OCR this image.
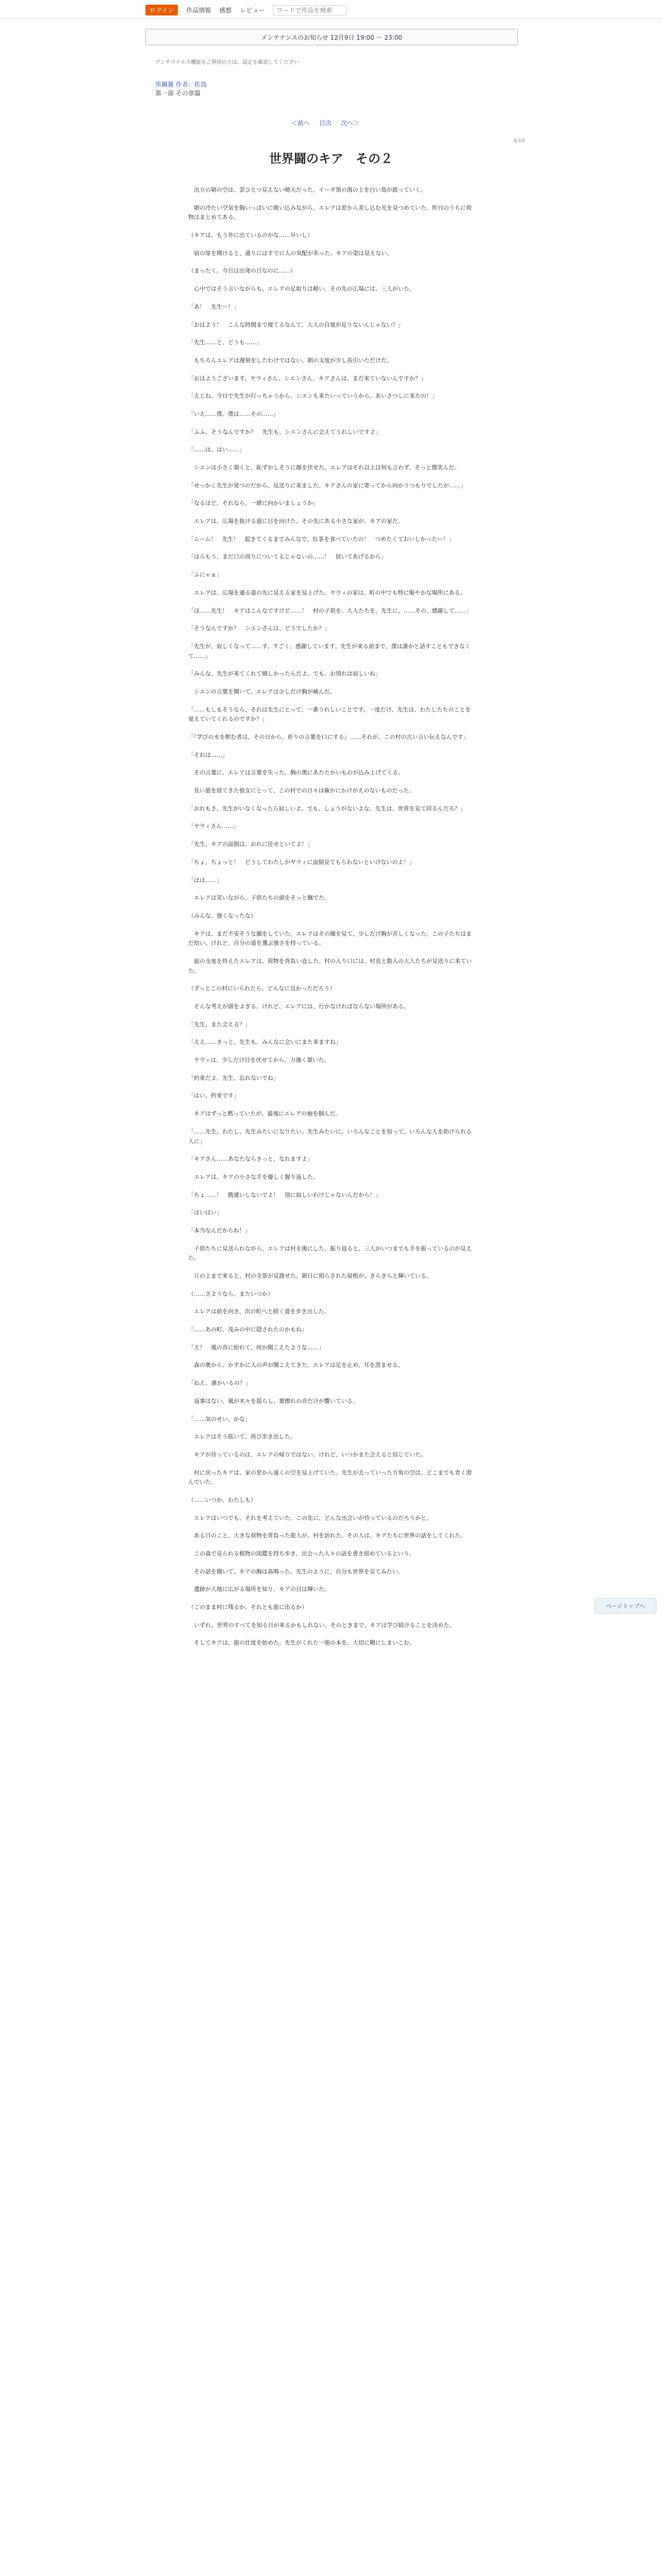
ログイン	作品情報 感想 レビュー
ワードで作品を検索
メンテナンスのお知らせ 12月9日 19:00 ～ 23:00
アンチウイルス機能をご利用の方は、設定を確認してください
黒鋼翼 作者：佐鳥
第一部 その章篇
＜前へ 目次 次へ＞
4/10
世界闘のキア　その２

　出立の朝の空は、雲ひとつ見えない晴天だった。イーダ領の海の上を白い鳥が渡っていく。

　朝の冷たい空気を胸いっぱいに吸い込みながら、エレアは窓から差し込む光を見つめていた。昨日のうちに荷物はまとめてある。

（キアは、もう外に出ているのかな……早いし）

　宿の扉を開けると、通りにはすでに人の気配があった。キアの姿は見えない。

（まったく。今日は出発の日なのに……）

　心中ではそう言いながらも、エレアの足取りは軽い。その先の広場には、三人がいた。

「あ！　先生ー！」

「おはよう！　こんな時間まで寝てるなんて、大人の自覚が足りないんじゃない？」

「先生……と、どうも……」

　もちろんエレアは遅刻をしたわけではない。朝の支度が少し長引いただけだ。

「おはようございます。ヤウィさん、シエンさん、キアさんは、まだ来ていないんですか？」

「えとね、今日で先生が行っちゃうから、シエンも来たいっていうから、あいさつしに来たの！」

「いえ……僕、僕は……その……」

「ふふ、そうなんですか？　先生も、シエンさんに会えてうれしいですよ」

「……は、はい……」

　シエンは小さく頷くと、恥ずかしそうに顔を伏せた。エレアはそれ以上は何も言わず、そっと微笑んだ。

「せっかく先生が発つのだから、見送りに来ました。キアさんの家に寄ってから向かうつもりでしたが……」

「なるほど。それなら、一緒に向かいましょうか」

　エレアは、広場を抜ける道に目を向けた。その先にある小さな家が、キアの家だ。

「ムーム！　先生！　起きてくるまでみんなで、紅茶を食べていたの！　つめたくておいしかったー！」

「ほらもう、まだ口の周りについてるじゃないの……！　拭いてあげるから」

「ふにゃぁ」

　エレアは、広場を通る道の先に見える家を見上げた。ヤウィの家は、町の中でも特に賑やかな場所にある。

「ほ……先生！　キアはこんなですけど……！　村の子供を、大人たちを、先生に、……その、感謝して……」

「そうなんですか？　シエンさんは、どうでしたか？」

「先生が、寂しくなって……す、すごく、感謝しています。先生が来る前まで、僕は誰かと話すこともできなくて……」

「みんな、先生が来てくれて嬉しかったんだよ。でも、お別れは寂しいね」

　シエンの言葉を聞いて、エレアは少しだけ胸が痛んだ。

「……もしもそうなら、それは先生にとって、一番うれしいことです。一度だけ、先生は、わたしたちのことを覚えていてくれるのですか？」

「『学びの水を飲む者は、その日から、祈りの言葉を口にする』……それが、この村の古い言い伝えなんです」

「それは……」

　その言葉に、エレアは言葉を失った。胸の奥にあたたかいものが込み上げてくる。

　長い旅を経てきた彼女にとって、この村での日々は確かにかけがえのないものだった。

「おれもさ、先生がいなくなったら寂しいよ。でも、しょうがないよな。先生は、世界を見て回るんだろ？」

「ヤウィさん……」

「先生、キアの面倒は、おれに任せといてよ！」

「ちょ、ちょっと！　どうしてわたしがヤウィに面倒見てもらわないといけないのよ！」

「はは……」

　エレアは笑いながら、子供たちの頭をそっと撫でた。

（みんな、強くなったな）

　キアは、まだ不安そうな顔をしていた。エレアはその顔を見て、少しだけ胸が苦しくなった。この子たちはまだ幼い。けれど、自分の道を選ぶ強さを持っている。

　旅の支度を終えたエレアは、荷物を背負い直した。村の入り口には、村長と数人の大人たちが見送りに来ていた。

（ずっとこの村にいられたら、どんなに良かっただろう）

　そんな考えが頭をよぎる。けれど、エレアには、行かなければならない場所がある。

「先生、また会える？」

「ええ……きっと。先生も、みんなに会いにまた来ますね」

　ヤウィは、少しだけ目を伏せてから、力強く頷いた。

「約束だよ。先生、忘れないでね」

「はい。約束です」

　キアはずっと黙っていたが、最後にエレアの袖を掴んだ。

「……先生。わたし、先生みたいになりたい。先生みたいに、いろんなことを知って、いろんな人を助けられる人に」

「キアさん……あなたならきっと、なれますよ」

　エレアは、キアの小さな手を優しく握り返した。

「ちょ……！　勘違いしないでよ！　別に寂しいわけじゃないんだから！」

「はいはい」

「本当なんだからね！」

　子供たちに見送られながら、エレアは村を後にした。振り返ると、三人がいつまでも手を振っているのが見えた。

　丘の上まで来ると、村の全景が見渡せた。朝日に照らされた屋根が、きらきらと輝いている。

（……さようなら。またいつか）

　エレアは前を向き、次の町へと続く道を歩き出した。

「……あの町、茂みの中に隠されたのかもね」

「え？　風の音に紛れて、何か聞こえたような……」

　森の奥から、かすかに人の声が聞こえてきた。エレアは足を止め、耳を澄ませる。

「ねえ、誰かいるの？」

　返事はない。風が木々を揺らし、葉擦れの音だけが響いている。

「……気のせい、かな」

　エレアはそう呟いて、再び歩き出した。

　キアが待っているのは、エレアの帰りではない。けれど、いつかまた会えると信じていた。

　村に戻ったキアは、家の窓から遠くの空を見上げていた。先生が去っていった方角の空は、どこまでも青く澄んでいた。

（……いつか、わたしも）

　エレアはいつでも、それを考えていた。この先に、どんな出会いが待っているのだろうかと。

　ある日のこと、大きな荷物を背負った旅人が、村を訪れた。その人は、キアたちに世界の話をしてくれた。

　この森で見られる植物の図鑑を持ち歩き、出会った人々の話を書き留めているという。

　その話を聞いて、キアの胸は高鳴った。先生のように、自分も世界を見てみたい。

　遺跡が大地に広がる場所を知り、キアの目は輝いた。

（このまま村に残るか、それとも旅に出るか）

　いずれ、世界のすべてを知る日が来るかもしれない。そのときまで、キアは学び続けることを決めた。

　そしてキアは、旅の仕度を始めた。先生がくれた一冊の本を、大切に鞄にしまいこむ。

ページトップへ
